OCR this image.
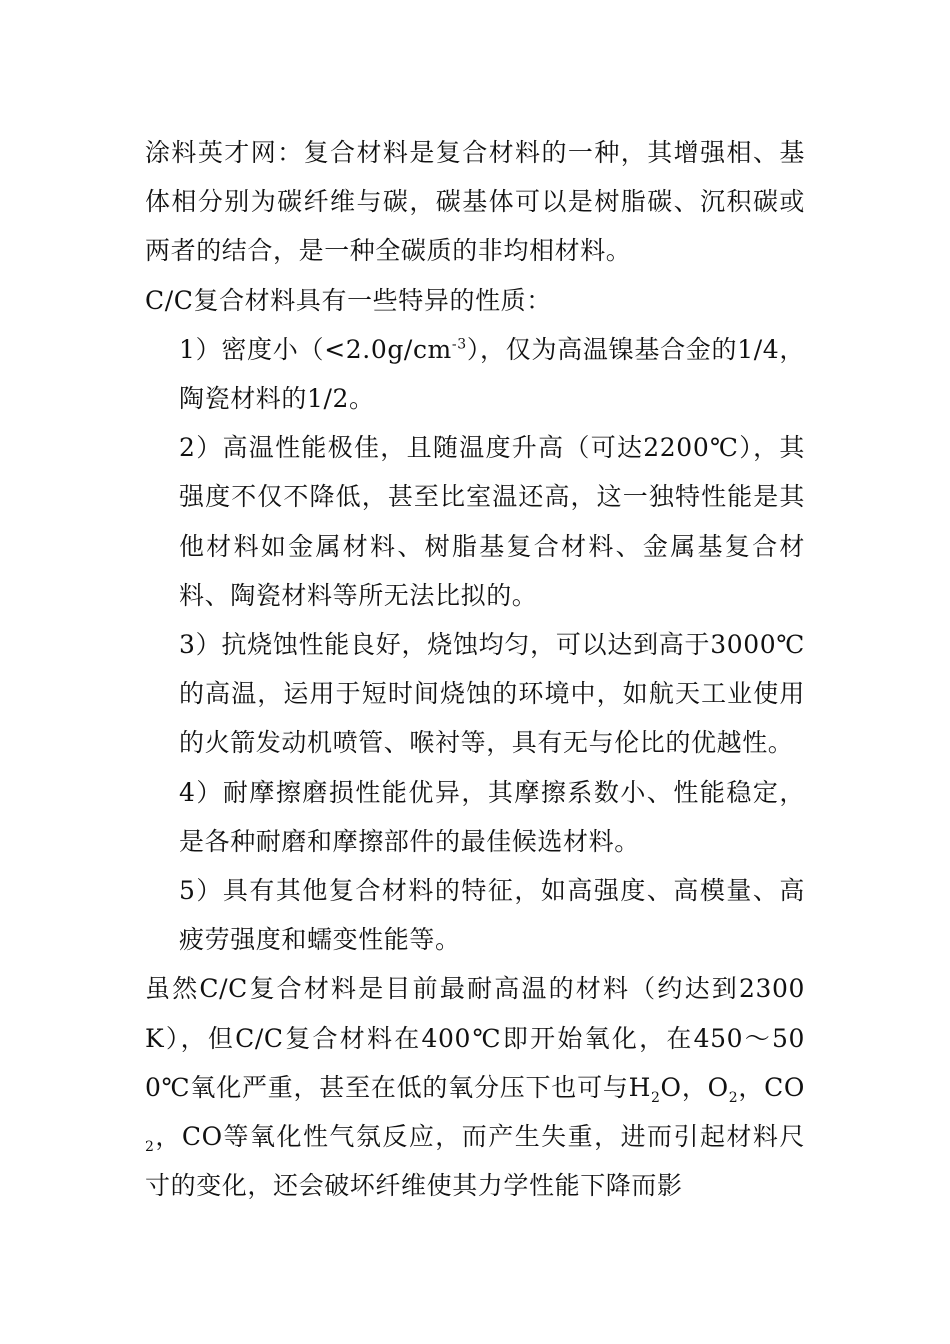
涂料英才网：复合材料是复合材料的一种，其增强相、基体相分别为碳纤维与碳，碳基体可以是树脂碳、沉积碳或两者的结合，是一种全碳质的非均相材料。

C/C复合材料具有一些特异的性质：

1）密度小$(<2.0g/cm^{-3})$，仅为高温镍基合金的1/4，陶瓷材料的1/2。
2）高温性能极佳，且随温度升高（可达2200℃），其强度不仅不降低，甚至比室温还高，这一独特性能是其他材料如金属材料、树脂基复合材料、金属基复合材料、陶瓷材料等所无法比拟的。
3）抗烧蚀性能良好，烧蚀均匀，可以达到高于3000℃的高温，运用于短时间烧蚀的环境中，如航天工业使用的火箭发动机喷管、喉衬等，具有无与伦比的优越性。
4）耐摩擦磨损性能优异，其摩擦系数小、性能稳定，是各种耐磨和摩擦部件的最佳候选材料。
5）具有其他复合材料的特征，如高强度、高模量、高疲劳强度和蠕变性能等。

虽然C/C复合材料是目前最耐高温的材料（约达到2300K），但C/C复合材料在400℃即开始氧化，在450～500℃氧化严重，甚至在低的氧分压下也可与$H_2O$，$O_2$，$CO_2$，CO等氧化性气氛反应，而产生失重，进而引起材料尺寸的变化，还会破坏纤维使其力学性能下降而影
